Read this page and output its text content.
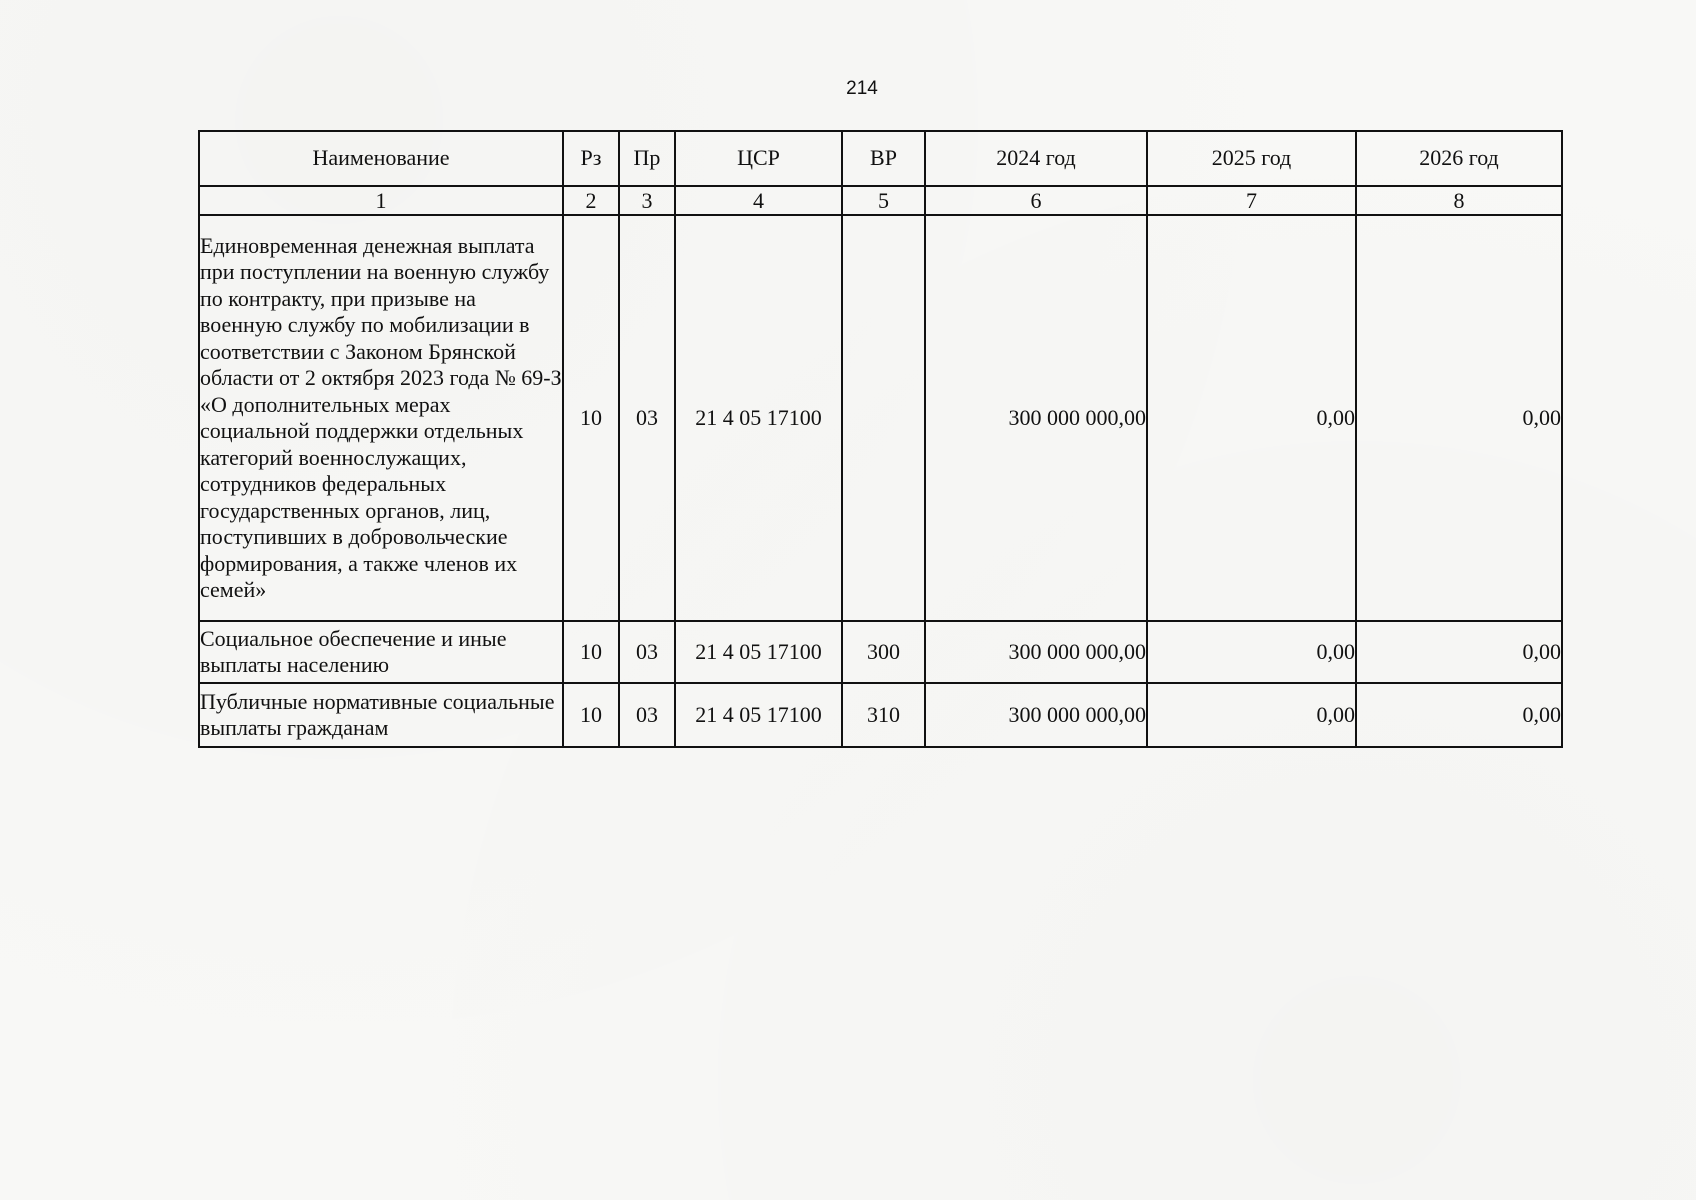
214
Наименование	Рз	Пр	ЦСР	ВР	2024 год	2025 год	2026 год
1	2	3	4	5	6	7	8
Единовременная денежная выплата при поступлении на военную службу по контракту, при призыве на военную службу по мобилизации в соответствии с Законом Брянской области от 2 октября 2023 года № 69-З «О дополнительных мерах социальной поддержки отдельных категорий военнослужащих, сотрудников федеральных государственных органов, лиц, поступивших в добровольческие формирования, а также членов их семей»	10	03	21 4 05 17100		300 000 000,00	0,00	0,00
Социальное обеспечение и иные выплаты населению	10	03	21 4 05 17100	300	300 000 000,00	0,00	0,00
Публичные нормативные социальные выплаты гражданам	10	03	21 4 05 17100	310	300 000 000,00	0,00	0,00
